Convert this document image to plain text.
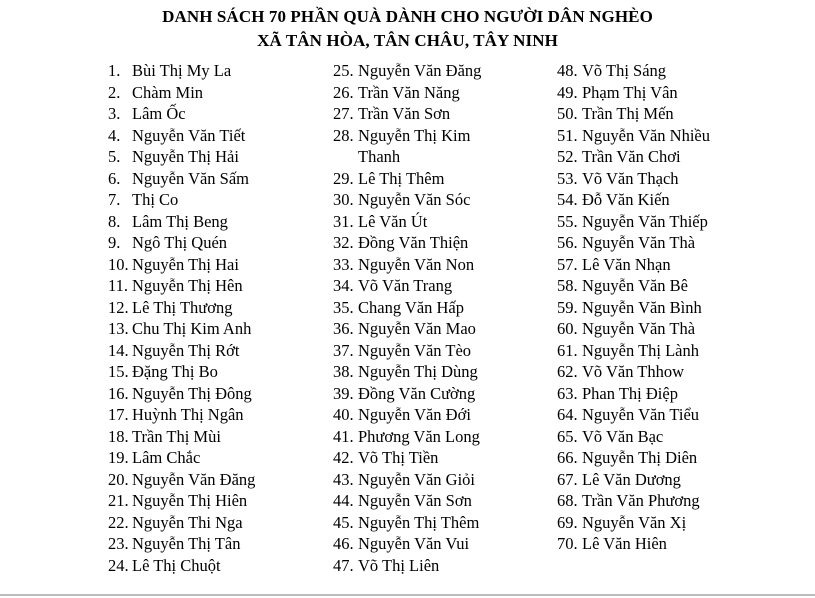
DANH SÁCH 70 PHẦN QUÀ DÀNH CHO NGƯỜI DÂN NGHÈO
XÃ TÂN HÒA, TÂN CHÂU, TÂY NINH
1. Bùi Thị My La
2. Chàm Min
3. Lâm Ốc
4. Nguyễn Văn Tiết
5. Nguyễn Thị Hải
6. Nguyễn Văn Sấm
7. Thị Co
8. Lâm Thị Beng
9. Ngô Thị Quén
10. Nguyễn Thị Hai
11. Nguyễn Thị Hên
12. Lê Thị Thương
13. Chu Thị Kim Anh
14. Nguyễn Thị Rớt
15. Đặng Thị Bo
16. Nguyễn Thị Đông
17. Huỳnh Thị Ngân
18. Trần Thị Mùi
19. Lâm Chắc
20. Nguyễn Văn Đăng
21. Nguyễn Thị Hiên
22. Nguyễn Thi Nga
23. Nguyễn Thị Tân
24. Lê Thị Chuột
25. Nguyễn Văn Đăng
26. Trần Văn Năng
27. Trần Văn Sơn
28. Nguyễn Thị Kim
Thanh
29. Lê Thị Thêm
30. Nguyễn Văn Sóc
31. Lê Văn Út
32. Đồng Văn Thiện
33. Nguyễn Văn Non
34. Võ Văn Trang
35. Chang Văn Hấp
36. Nguyễn Văn Mao
37. Nguyễn Văn Tèo
38. Nguyễn Thị Dùng
39. Đồng Văn Cường
40. Nguyễn Văn Đới
41. Phương Văn Long
42. Võ Thị Tiền
43. Nguyễn Văn Giỏi
44. Nguyễn Văn Sơn
45. Nguyễn Thị Thêm
46. Nguyễn Văn Vui
47. Võ Thị Liên
48. Võ Thị Sáng
49. Phạm Thị Vân
50. Trần Thị Mến
51. Nguyễn Văn Nhiều
52. Trần Văn Chơi
53. Võ Văn Thạch
54. Đỗ Văn Kiến
55. Nguyễn Văn Thiếp
56. Nguyễn Văn Thà
57. Lê Văn Nhạn
58. Nguyễn Văn Bê
59. Nguyễn Văn Bình
60. Nguyễn Văn Thà
61. Nguyễn Thị Lành
62. Võ Văn Thhow
63. Phan Thị Điệp
64. Nguyễn Văn Tiểu
65. Võ Văn Bạc
66. Nguyễn Thị Diên
67. Lê Văn Dương
68. Trần Văn Phương
69. Nguyễn Văn Xị
70. Lê Văn Hiên
